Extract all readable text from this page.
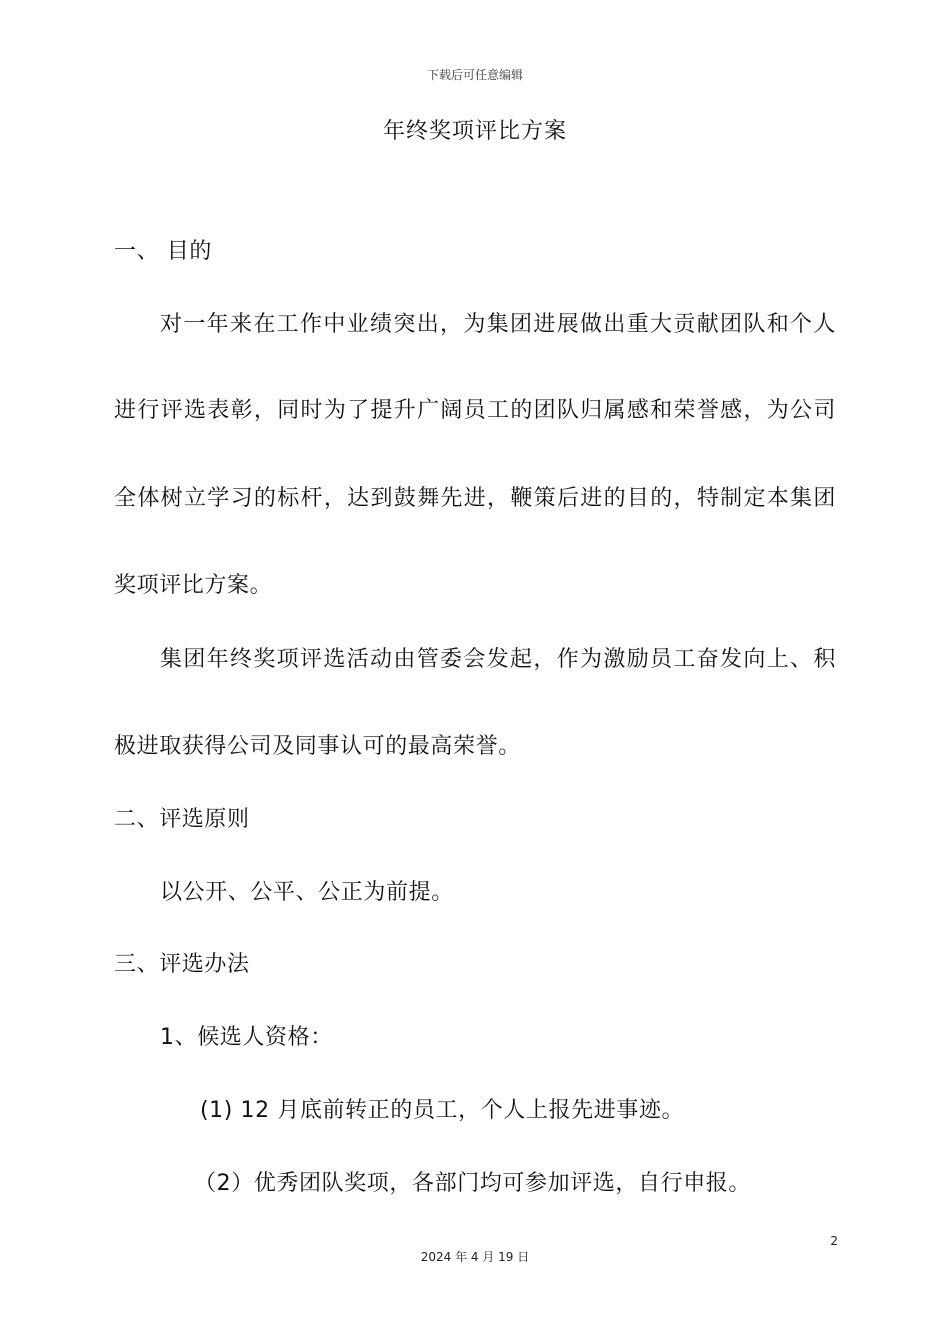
下载后可任意编辑
年终奖项评比方案
一、 目的
对一年来在工作中业绩突出，为集团进展做出重大贡献团队和个人
进行评选表彰，同时为了提升广阔员工的团队归属感和荣誉感，为公司
全体树立学习的标杆，达到鼓舞先进，鞭策后进的目的，特制定本集团
奖项评比方案。
集团年终奖项评选活动由管委会发起，作为激励员工奋发向上、积
极进取获得公司及同事认可的最高荣誉。
二、评选原则
以公开、公平、公正为前提。
三、评选办法
1、候选人资格：
(1) 12 月底前转正的员工，个人上报先进事迹。
（2）优秀团队奖项，各部门均可参加评选，自行申报。
2
2024 年 4 月 19 日
